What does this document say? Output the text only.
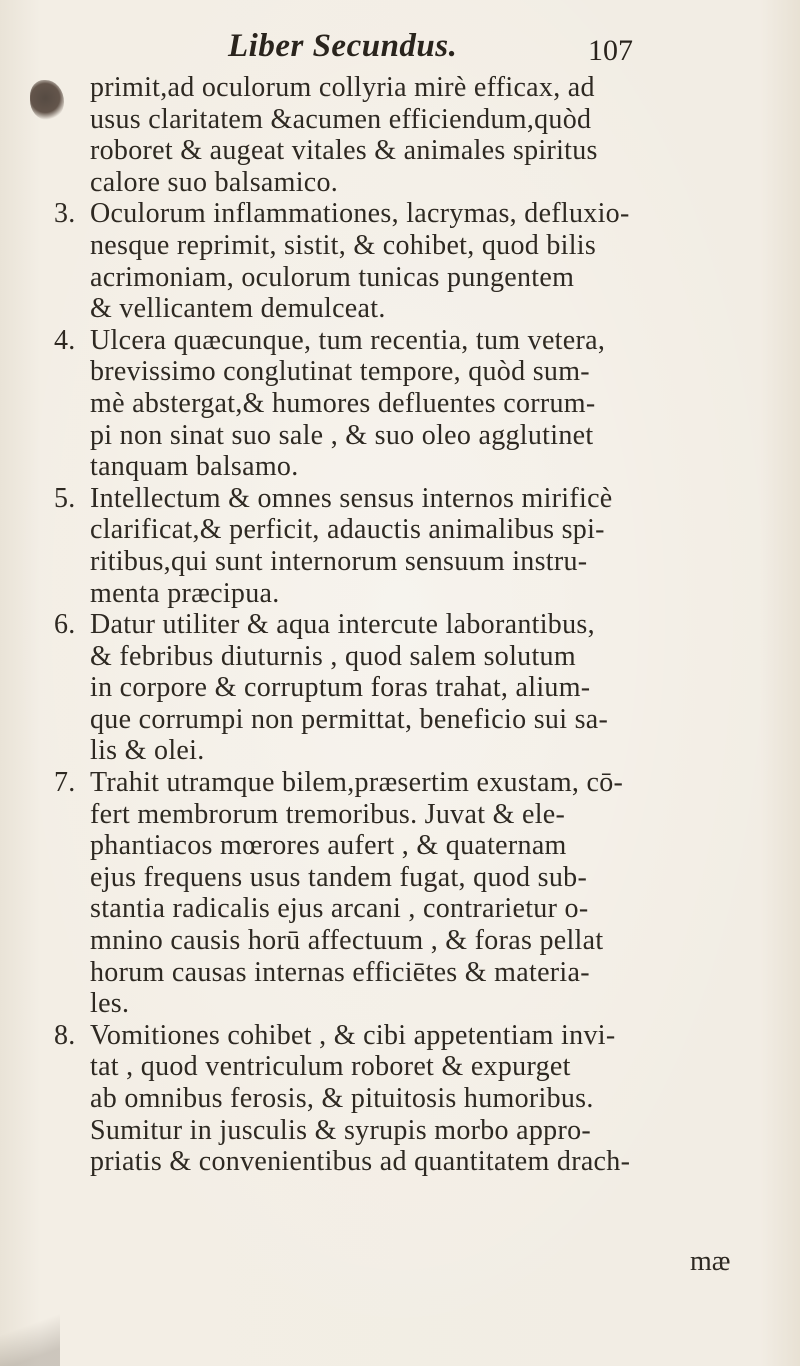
Liber Secundus.	107
primit,ad oculorum collyria mirè efficax, ad
usus claritatem &acumen efficiendum,quòd
roboret & augeat vitales & animales spiritus
calore suo balsamico.
3. Oculorum inflammationes, lacrymas, defluxio-
nesque reprimit, sistit, & cohibet, quod bilis
acrimoniam, oculorum tunicas pungentem
& vellicantem demulceat.
4. Ulcera quæcunque, tum recentia, tum vetera,
brevissimo conglutinat tempore, quòd sum-
mè abstergat,& humores defluentes corrum-
pi non sinat suo sale , & suo oleo agglutinet
tanquam balsamo.
5. Intellectum & omnes sensus internos mirificè
clarificat,& perficit, adauctis animalibus spi-
ritibus,qui sunt internorum sensuum instru-
menta præcipua.
6. Datur utiliter & aqua intercute laborantibus,
& febribus diuturnis , quod salem solutum
in corpore & corruptum foras trahat, alium-
que corrumpi non permittat, beneficio sui sa-
lis & olei.
7. Trahit utramque bilem,præsertim exustam, cō-
fert membrorum tremoribus. Juvat & ele-
phantiacos mœrores aufert , & quaternam
ejus frequens usus tandem fugat, quod sub-
stantia radicalis ejus arcani , contrarietur o-
mnino causis horū affectuum , & foras pellat
horum causas internas efficiētes & materia-
les.
8. Vomitiones cohibet , & cibi appetentiam invi-
tat , quod ventriculum roboret & expurget
ab omnibus ferosis, & pituitosis humoribus.
Sumitur in jusculis & syrupis morbo appro-
priatis & convenientibus ad quantitatem drach-
mæ
